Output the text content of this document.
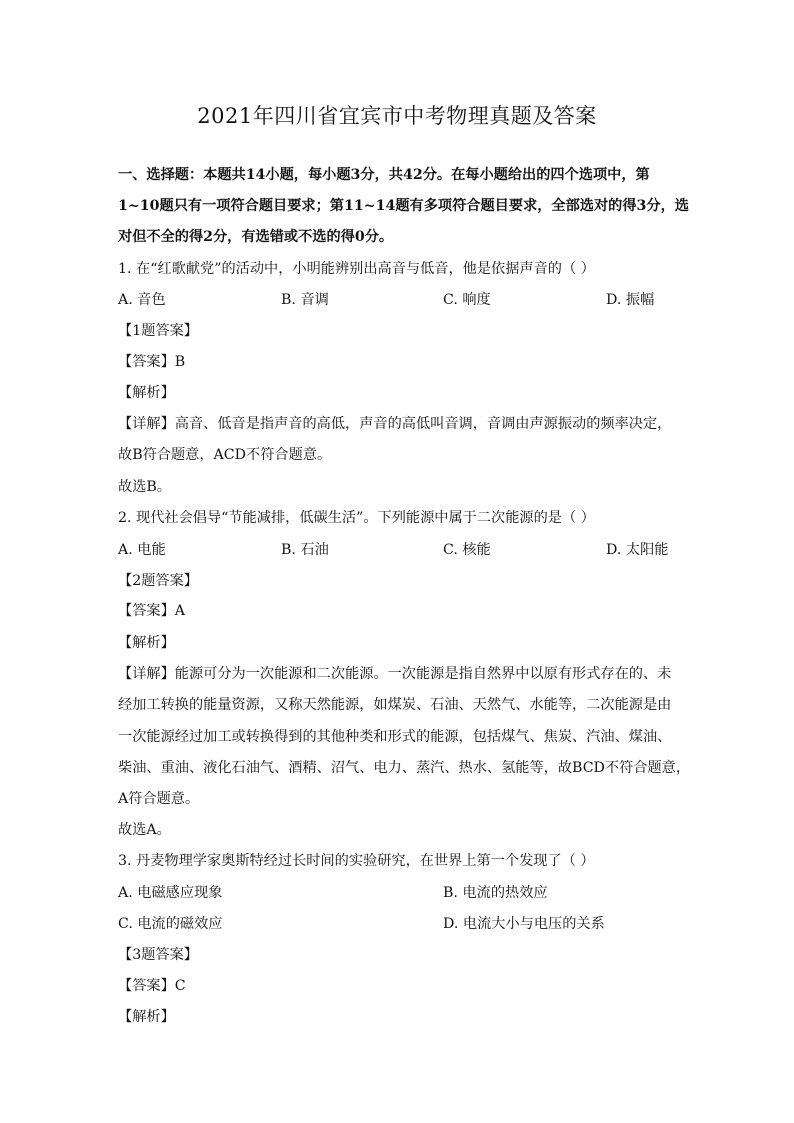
2021年四川省宜宾市中考物理真题及答案
一、选择题：本题共14小题，每小题3分，共42分。在每小题给出的四个选项中，第
1~10题只有一项符合题目要求；第11~14题有多项符合题目要求，全部选对的得3分，选
对但不全的得2分，有选错或不选的得0分。
1. 在“红歌献党”的活动中，小明能辨别出高音与低音，他是依据声音的（ ）
A. 音色	B. 音调	C. 响度	D. 振幅
【1题答案】
【答案】B
【解析】
【详解】高音、低音是指声音的高低，声音的高低叫音调，音调由声源振动的频率决定，
故B符合题意，ACD不符合题意。
故选B。
2. 现代社会倡导“节能减排，低碳生活”。下列能源中属于二次能源的是（ ）
A. 电能	B. 石油	C. 核能	D. 太阳能
【2题答案】
【答案】A
【解析】
【详解】能源可分为一次能源和二次能源。一次能源是指自然界中以原有形式存在的、未
经加工转换的能量资源，又称天然能源，如煤炭、石油、天然气、水能等，二次能源是由
一次能源经过加工或转换得到的其他种类和形式的能源，包括煤气、焦炭、汽油、煤油、
柴油、重油、液化石油气、酒精、沼气、电力、蒸汽、热水、氢能等，故BCD不符合题意，
A符合题意。
故选A。
3. 丹麦物理学家奥斯特经过长时间的实验研究，在世界上第一个发现了（ ）
A. 电磁感应现象	B. 电流的热效应
C. 电流的磁效应	D. 电流大小与电压的关系
【3题答案】
【答案】C
【解析】
